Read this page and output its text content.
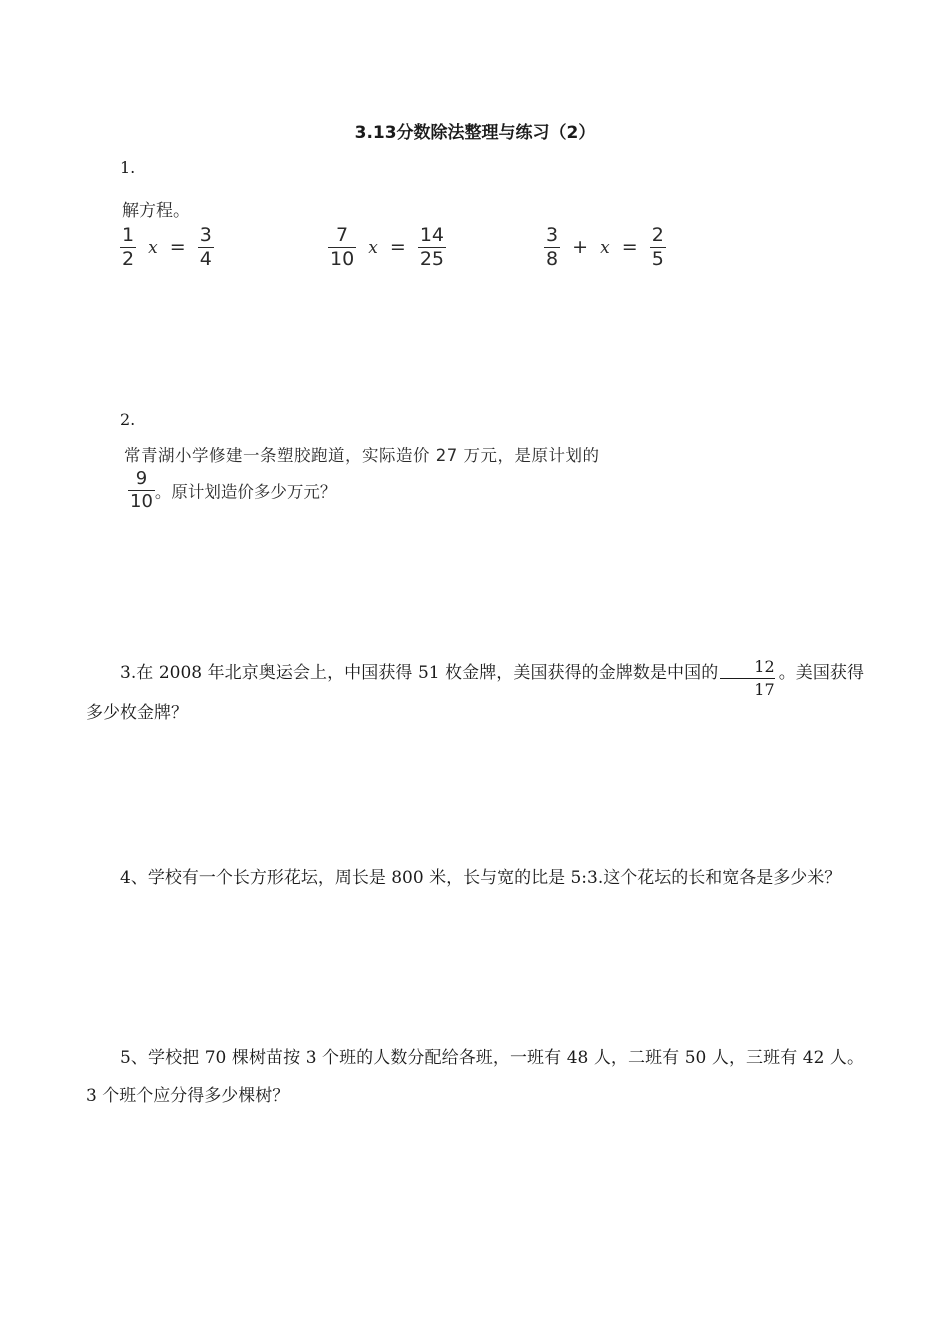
3.13分数除法整理与练习（2）
1.
解方程。
$\frac{1}{2}$ $x = \frac{3}{4}$	$\frac{7}{10}$ $x = \frac{14}{25}$	$\frac{3}{8} + x = \frac{2}{5}$
2.
常青湖小学修建一条塑胶跑道，实际造价 27 万元，是原计划的
$\frac{9}{10}$ 。原计划造价多少万元？
3.在 2008 年北京奥运会上，中国获得 51 枚金牌，美国获得的金牌数是中国的 $\frac{12}{17}$ 。美国获得多少枚金牌？
4、学校有一个长方形花坛，周长是 800 米，长与宽的比是 5:3.这个花坛的长和宽各是多少米？
5、学校把 70 棵树苗按 3 个班的人数分配给各班，一班有 48 人，二班有 50 人，三班有 42 人。3 个班个应分得多少棵树？
